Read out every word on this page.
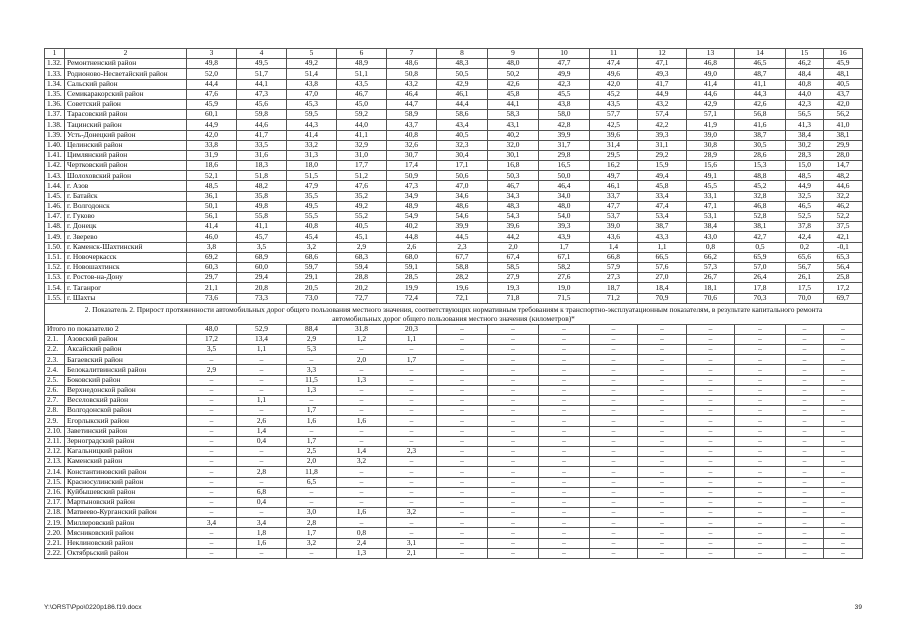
1	2	3	4	5	6	7	8	9	10	11	12	13	14	15	16
1.32.	Ремонтненский район	49,8	49,5	49,2	48,9	48,6	48,3	48,0	47,7	47,4	47,1	46,8	46,5	46,2	45,9
1.33.	Родионово-Несветайский район	52,0	51,7	51,4	51,1	50,8	50,5	50,2	49,9	49,6	49,3	49,0	48,7	48,4	48,1
1.34.	Сальский район	44,4	44,1	43,8	43,5	43,2	42,9	42,6	42,3	42,0	41,7	41,4	41,1	40,8	40,5
1.35.	Семикаракорский район	47,6	47,3	47,0	46,7	46,4	46,1	45,8	45,5	45,2	44,9	44,6	44,3	44,0	43,7
1.36.	Советский район	45,9	45,6	45,3	45,0	44,7	44,4	44,1	43,8	43,5	43,2	42,9	42,6	42,3	42,0
1.37.	Тарасовский район	60,1	59,8	59,5	59,2	58,9	58,6	58,3	58,0	57,7	57,4	57,1	56,8	56,5	56,2
1.38.	Тацинский район	44,9	44,6	44,3	44,0	43,7	43,4	43,1	42,8	42,5	42,2	41,9	41,6	41,3	41,0
1.39.	Усть-Донецкий район	42,0	41,7	41,4	41,1	40,8	40,5	40,2	39,9	39,6	39,3	39,0	38,7	38,4	38,1
1.40.	Целинский район	33,8	33,5	33,2	32,9	32,6	32,3	32,0	31,7	31,4	31,1	30,8	30,5	30,2	29,9
1.41.	Цимлянский район	31,9	31,6	31,3	31,0	30,7	30,4	30,1	29,8	29,5	29,2	28,9	28,6	28,3	28,0
1.42.	Чертковский район	18,6	18,3	18,0	17,7	17,4	17,1	16,8	16,5	16,2	15,9	15,6	15,3	15,0	14,7
1.43.	Шолоховский район	52,1	51,8	51,5	51,2	50,9	50,6	50,3	50,0	49,7	49,4	49,1	48,8	48,5	48,2
1.44.	г. Азов	48,5	48,2	47,9	47,6	47,3	47,0	46,7	46,4	46,1	45,8	45,5	45,2	44,9	44,6
1.45.	г. Батайск	36,1	35,8	35,5	35,2	34,9	34,6	34,3	34,0	33,7	33,4	33,1	32,8	32,5	32,2
1.46.	г. Волгодонск	50,1	49,8	49,5	49,2	48,9	48,6	48,3	48,0	47,7	47,4	47,1	46,8	46,5	46,2
1.47.	г. Гуково	56,1	55,8	55,5	55,2	54,9	54,6	54,3	54,0	53,7	53,4	53,1	52,8	52,5	52,2
1.48.	г. Донецк	41,4	41,1	40,8	40,5	40,2	39,9	39,6	39,3	39,0	38,7	38,4	38,1	37,8	37,5
1.49.	г. Зверево	46,0	45,7	45,4	45,1	44,8	44,5	44,2	43,9	43,6	43,3	43,0	42,7	42,4	42,1
1.50.	г. Каменск-Шахтинский	3,8	3,5	3,2	2,9	2,6	2,3	2,0	1,7	1,4	1,1	0,8	0,5	0,2	-0,1
1.51.	г. Новочеркасск	69,2	68,9	68,6	68,3	68,0	67,7	67,4	67,1	66,8	66,5	66,2	65,9	65,6	65,3
1.52.	г. Новошахтинск	60,3	60,0	59,7	59,4	59,1	58,8	58,5	58,2	57,9	57,6	57,3	57,0	56,7	56,4
1.53.	г. Ростов-на-Дону	29,7	29,4	29,1	28,8	28,5	28,2	27,9	27,6	27,3	27,0	26,7	26,4	26,1	25,8
1.54.	г. Таганрог	21,1	20,8	20,5	20,2	19,9	19,6	19,3	19,0	18,7	18,4	18,1	17,8	17,5	17,2
1.55.	г. Шахты	73,6	73,3	73,0	72,7	72,4	72,1	71,8	71,5	71,2	70,9	70,6	70,3	70,0	69,7
2. Показатель 2. Прирост протяженности автомобильных дорог общего пользования местного значения, соответствующих нормативным требованиям к транспортно-эксплуатационным показателям, в результате капитального ремонта автомобильных дорог общего пользования местного значения (километров)*															
Итого по показателю 2		48,0	52,9	88,4	31,8	20,3	–	–	–	–	–	–	–	–	–
2.1.	Азовский район	17,2	13,4	2,9	1,2	1,1	–	–	–	–	–	–	–	–	–
2.2.	Аксайский район	3,5	1,1	5,3	–	–	–	–	–	–	–	–	–	–	–
2.3.	Багаевский район	–	–	–	2,0	1,7	–	–	–	–	–	–	–	–	–
2.4.	Белокалитвинский район	2,9	–	3,3	–	–	–	–	–	–	–	–	–	–	–
2.5.	Боковский район	–	–	11,5	1,3	–	–	–	–	–	–	–	–	–	–
2.6.	Верхнедонской район	–	–	1,3	–	–	–	–	–	–	–	–	–	–	–
2.7.	Веселовский район	–	1,1	–	–	–	–	–	–	–	–	–	–	–	–
2.8.	Волгодонской район	–	–	1,7	–	–	–	–	–	–	–	–	–	–	–
2.9.	Егорлыкский район	–	2,6	1,6	1,6	–	–	–	–	–	–	–	–	–	–
2.10.	Заветинский район	–	1,4	–	–	–	–	–	–	–	–	–	–	–	–
2.11.	Зерноградский район	–	0,4	1,7	–	–	–	–	–	–	–	–	–	–	–
2.12.	Кагальницкий район	–	–	2,5	1,4	2,3	–	–	–	–	–	–	–	–	–
2.13.	Каменский район	–	–	2,0	3,2	–	–	–	–	–	–	–	–	–	–
2.14.	Константиновский район	–	2,8	11,8	–	–	–	–	–	–	–	–	–	–	–
2.15.	Красносулинский район	–	–	6,5	–	–	–	–	–	–	–	–	–	–	–
2.16.	Куйбышевский район	–	6,8	–	–	–	–	–	–	–	–	–	–	–	–
2.17.	Мартыновский район	–	0,4	–	–	–	–	–	–	–	–	–	–	–	–
2.18.	Матвеево-Курганский район	–	–	3,0	1,6	3,2	–	–	–	–	–	–	–	–	–
2.19.	Миллеровский район	3,4	3,4	2,8	–	–	–	–	–	–	–	–	–	–	–
2.20.	Мясниковский район	–	1,8	1,7	0,8	–	–	–	–	–	–	–	–	–	–
2.21.	Неклиновский район	–	1,6	3,2	2,4	3,1	–	–	–	–	–	–	–	–	–
2.22.	Октябрьский район	–	–	–	1,3	2,1	–	–	–	–	–	–	–	–	–
Y:\ORST\Ppo\0220p186.f19.docx	39
